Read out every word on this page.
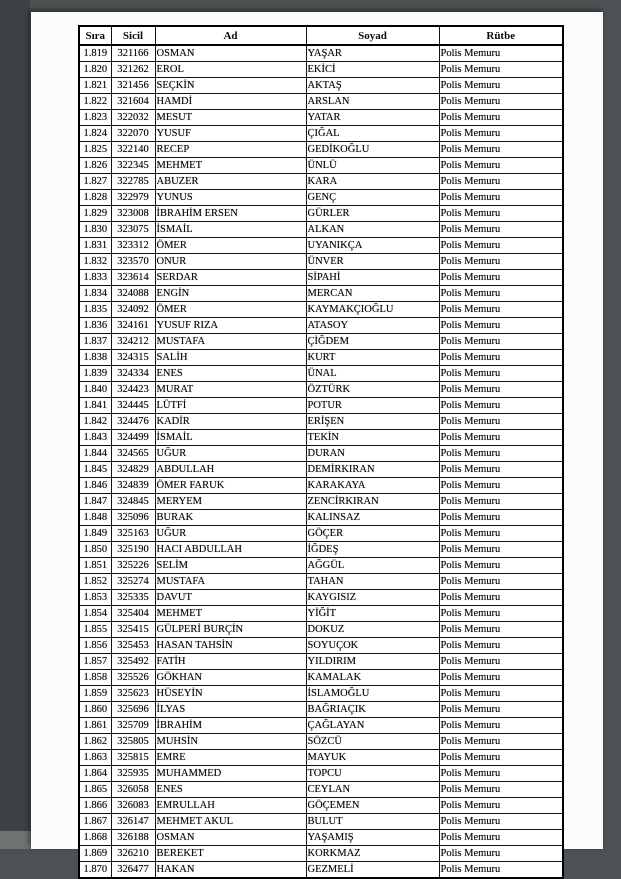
Sıra	Sicil	Ad	Soyad	Rütbe
1.819	321166	OSMAN	YAŞAR	Polis Memuru
1.820	321262	EROL	EKİCİ	Polis Memuru
1.821	321456	SEÇKİN	AKTAŞ	Polis Memuru
1.822	321604	HAMDİ	ARSLAN	Polis Memuru
1.823	322032	MESUT	YATAR	Polis Memuru
1.824	322070	YUSUF	ÇIĞAL	Polis Memuru
1.825	322140	RECEP	GEDİKOĞLU	Polis Memuru
1.826	322345	MEHMET	ÜNLÜ	Polis Memuru
1.827	322785	ABUZER	KARA	Polis Memuru
1.828	322979	YUNUS	GENÇ	Polis Memuru
1.829	323008	İBRAHİM ERSEN	GÜRLER	Polis Memuru
1.830	323075	İSMAİL	ALKAN	Polis Memuru
1.831	323312	ÖMER	UYANIKÇA	Polis Memuru
1.832	323570	ONUR	ÜNVER	Polis Memuru
1.833	323614	SERDAR	SİPAHİ	Polis Memuru
1.834	324088	ENGİN	MERCAN	Polis Memuru
1.835	324092	ÖMER	KAYMAKÇIOĞLU	Polis Memuru
1.836	324161	YUSUF RIZA	ATASOY	Polis Memuru
1.837	324212	MUSTAFA	ÇİĞDEM	Polis Memuru
1.838	324315	SALİH	KURT	Polis Memuru
1.839	324334	ENES	ÜNAL	Polis Memuru
1.840	324423	MURAT	ÖZTÜRK	Polis Memuru
1.841	324445	LÜTFİ	POTUR	Polis Memuru
1.842	324476	KADİR	ERİŞEN	Polis Memuru
1.843	324499	İSMAİL	TEKİN	Polis Memuru
1.844	324565	UĞUR	DURAN	Polis Memuru
1.845	324829	ABDULLAH	DEMİRKIRAN	Polis Memuru
1.846	324839	ÖMER FARUK	KARAKAYA	Polis Memuru
1.847	324845	MERYEM	ZENCİRKIRAN	Polis Memuru
1.848	325096	BURAK	KALINSAZ	Polis Memuru
1.849	325163	UĞUR	GÖÇER	Polis Memuru
1.850	325190	HACI ABDULLAH	İĞDEŞ	Polis Memuru
1.851	325226	SELİM	AĞGÜL	Polis Memuru
1.852	325274	MUSTAFA	TAHAN	Polis Memuru
1.853	325335	DAVUT	KAYGISIZ	Polis Memuru
1.854	325404	MEHMET	YİĞİT	Polis Memuru
1.855	325415	GÜLPERİ BURÇİN	DOKUZ	Polis Memuru
1.856	325453	HASAN TAHSİN	SOYUÇOK	Polis Memuru
1.857	325492	FATİH	YILDIRIM	Polis Memuru
1.858	325526	GÖKHAN	KAMALAK	Polis Memuru
1.859	325623	HÜSEYİN	İSLAMOĞLU	Polis Memuru
1.860	325696	İLYAS	BAĞRIAÇIK	Polis Memuru
1.861	325709	İBRAHİM	ÇAĞLAYAN	Polis Memuru
1.862	325805	MUHSİN	SÖZCÜ	Polis Memuru
1.863	325815	EMRE	MAYUK	Polis Memuru
1.864	325935	MUHAMMED	TOPCU	Polis Memuru
1.865	326058	ENES	CEYLAN	Polis Memuru
1.866	326083	EMRULLAH	GÖÇEMEN	Polis Memuru
1.867	326147	MEHMET AKUL	BULUT	Polis Memuru
1.868	326188	OSMAN	YAŞAMIŞ	Polis Memuru
1.869	326210	BEREKET	KORKMAZ	Polis Memuru
1.870	326477	HAKAN	GEZMELİ	Polis Memuru
